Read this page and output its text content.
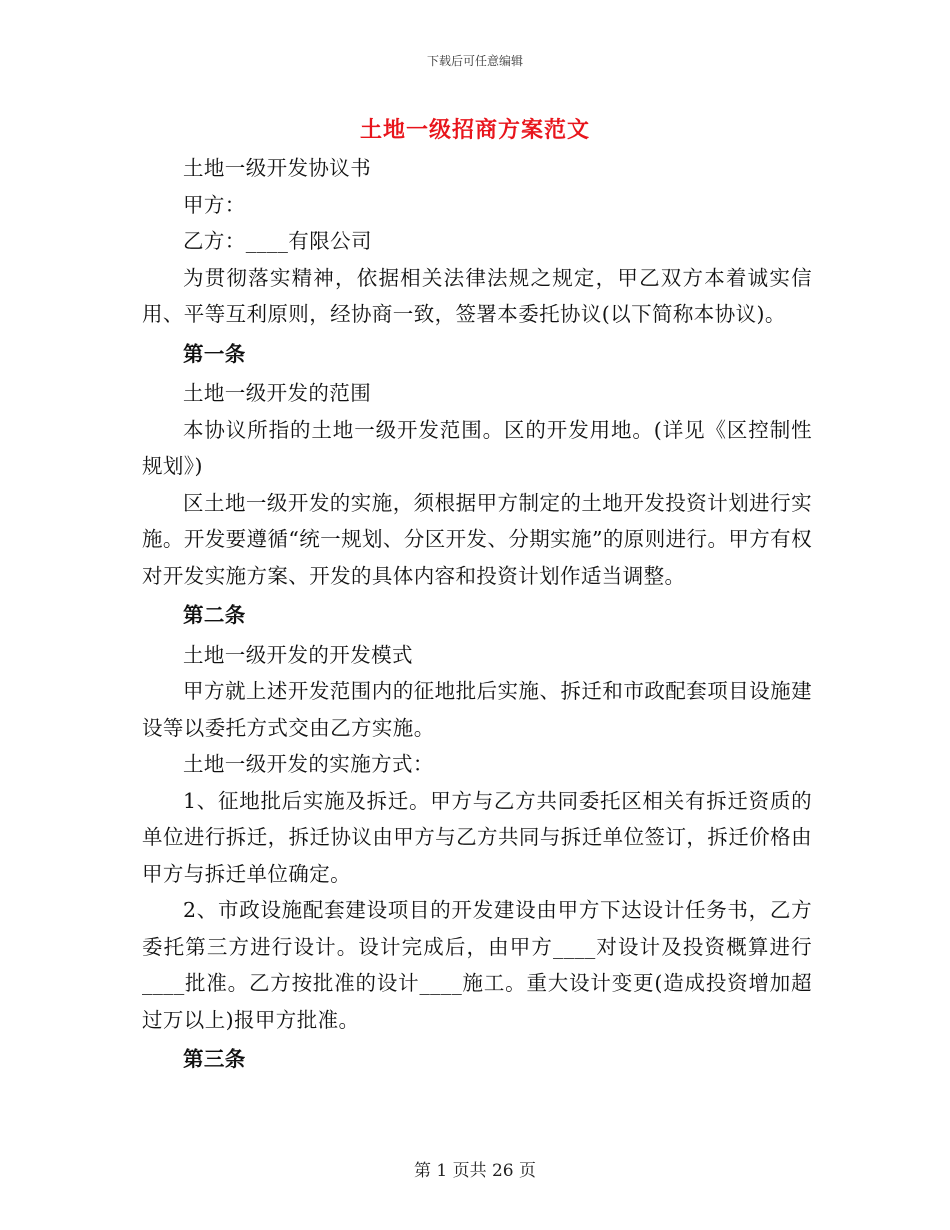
下载后可任意编辑
土地一级招商方案范文

土地一级开发协议书

甲方：

乙方：____有限公司

为贯彻落实精神，依据相关法律法规之规定，甲乙双方本着诚实信用、平等互利原则，经协商一致，签署本委托协议(以下简称本协议)。

第一条

土地一级开发的范围

本协议所指的土地一级开发范围。区的开发用地。(详见《区控制性规划》)

区土地一级开发的实施，须根据甲方制定的土地开发投资计划进行实施。开发要遵循“统一规划、分区开发、分期实施”的原则进行。甲方有权对开发实施方案、开发的具体内容和投资计划作适当调整。

第二条

土地一级开发的开发模式

甲方就上述开发范围内的征地批后实施、拆迁和市政配套项目设施建设等以委托方式交由乙方实施。

土地一级开发的实施方式：

1、征地批后实施及拆迁。甲方与乙方共同委托区相关有拆迁资质的单位进行拆迁，拆迁协议由甲方与乙方共同与拆迁单位签订，拆迁价格由甲方与拆迁单位确定。

2、市政设施配套建设项目的开发建设由甲方下达设计任务书，乙方委托第三方进行设计。设计完成后，由甲方____对设计及投资概算进行____批准。乙方按批准的设计____施工。重大设计变更(造成投资增加超过万以上)报甲方批准。

第三条

第 1 页共 26 页
